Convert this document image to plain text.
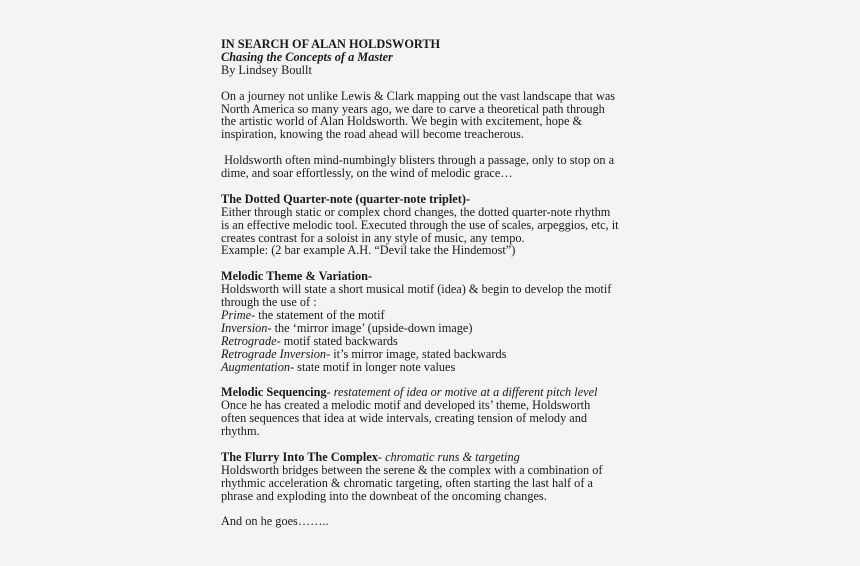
IN SEARCH OF ALAN HOLDSWORTH
Chasing the Concepts of a Master
By Lindsey Boullt
On a journey not unlike Lewis & Clark mapping out the vast landscape that was
North America so many years ago, we dare to carve a theoretical path through
the artistic world of Alan Holdsworth. We begin with excitement, hope &
inspiration, knowing the road ahead will become treacherous.
Holdsworth often mind-numbingly blisters through a passage, only to stop on a
dime, and soar effortlessly, on the wind of melodic grace…
The Dotted Quarter-note (quarter-note triplet)-
Either through static or complex chord changes, the dotted quarter-note rhythm
is an effective melodic tool. Executed through the use of scales, arpeggios, etc, it
creates contrast for a soloist in any style of music, any tempo.
Example: (2 bar example A.H. “Devil take the Hindemost”)
Melodic Theme & Variation-
Holdsworth will state a short musical motif (idea) & begin to develop the motif
through the use of :
Prime- the statement of the motif
Inversion- the ‘mirror image’ (upside-down image)
Retrograde- motif stated backwards
Retrograde Inversion- it’s mirror image, stated backwards
Augmentation- state motif in longer note values
Melodic Sequencing- restatement of idea or motive at a different pitch level
Once he has created a melodic motif and developed its’ theme, Holdsworth
often sequences that idea at wide intervals, creating tension of melody and
rhythm.
The Flurry Into The Complex- chromatic runs & targeting
Holdsworth bridges between the serene & the complex with a combination of
rhythmic acceleration & chromatic targeting, often starting the last half of a
phrase and exploding into the downbeat of the oncoming changes.
And on he goes……..
